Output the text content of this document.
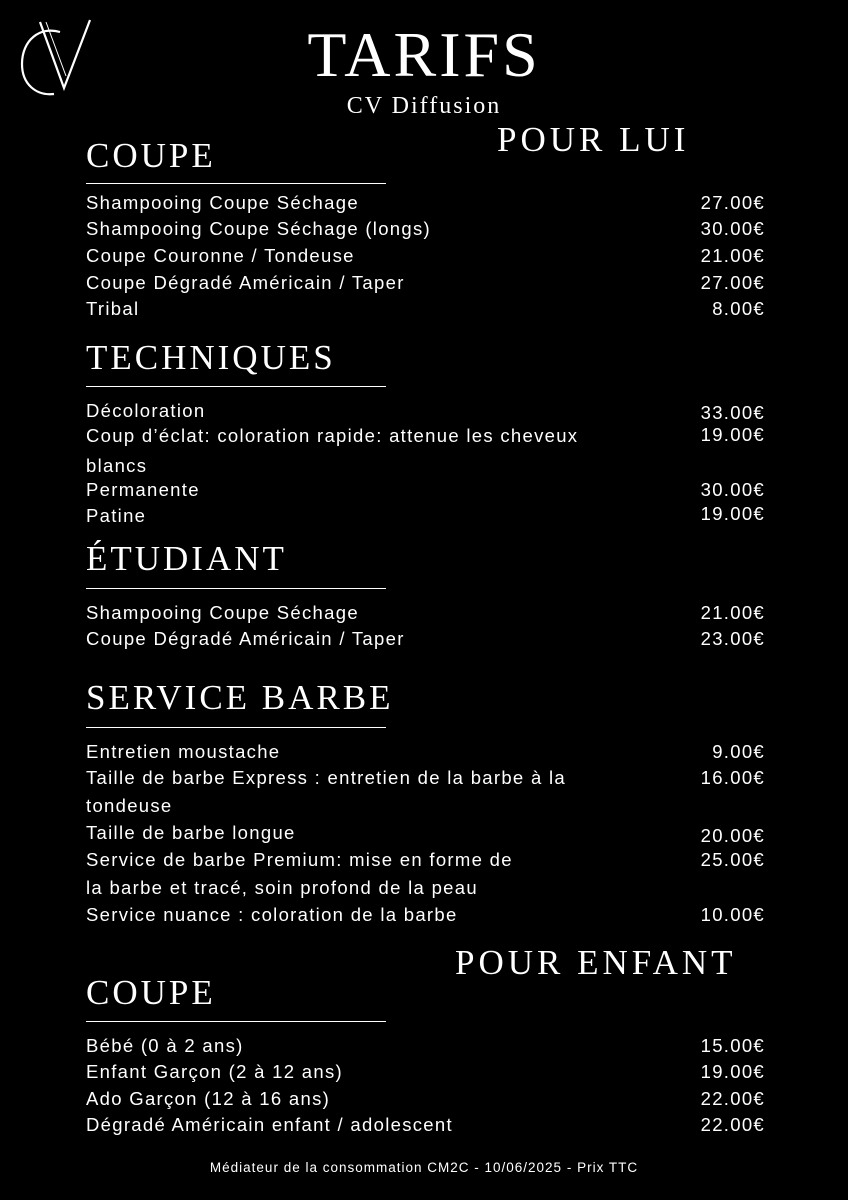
TARIFS
CV Diffusion
POUR LUI
COUPE
Shampooing Coupe Séchage	27.00€
Shampooing Coupe Séchage (longs)	30.00€
Coupe Couronne / Tondeuse	21.00€
Coupe Dégradé Américain / Taper	27.00€
Tribal	8.00€
TECHNIQUES
Décoloration	33.00€
Coup d’éclat: coloration rapide: attenue les cheveux	19.00€
blancs
Permanente	30.00€
Patine	19.00€
ÉTUDIANT
Shampooing Coupe Séchage	21.00€
Coupe Dégradé Américain / Taper	23.00€
SERVICE BARBE
Entretien moustache	9.00€
Taille de barbe Express : entretien de la barbe à la	16.00€
tondeuse
Taille de barbe longue	20.00€
Service de barbe Premium: mise en forme de	25.00€
la barbe et tracé, soin profond de la peau
Service nuance : coloration de la barbe	10.00€
POUR ENFANT
COUPE
Bébé (0 à 2 ans)	15.00€
Enfant Garçon (2 à 12 ans)	19.00€
Ado Garçon (12 à 16 ans)	22.00€
Dégradé Américain enfant / adolescent	22.00€
Médiateur de la consommation CM2C - 10/06/2025 - Prix TTC
